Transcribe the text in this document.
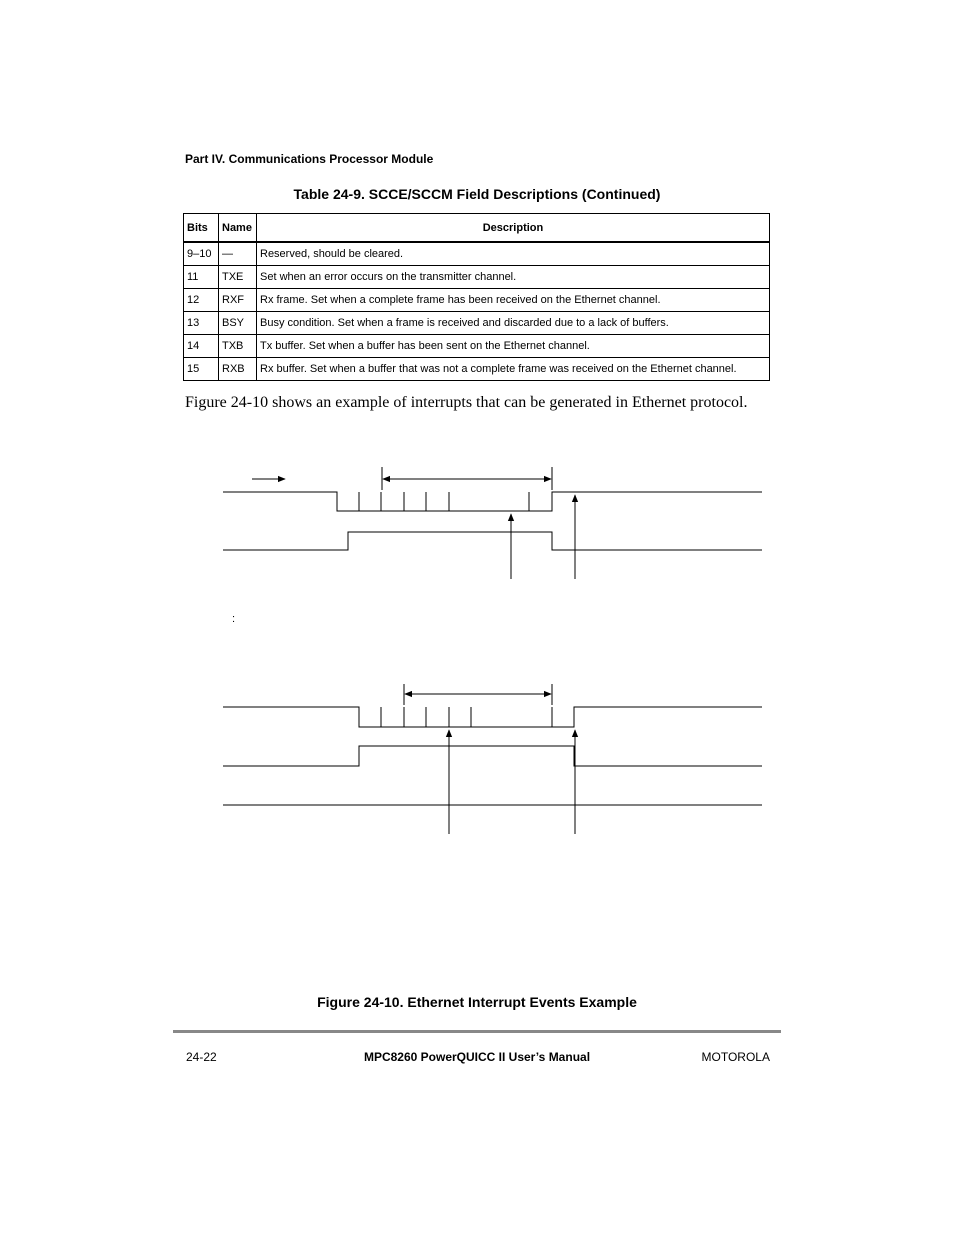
Part IV. Communications Processor Module
Table 24-9. SCCE/SCCM Field Descriptions (Continued)
Bits	Name	Description
9–10	—	Reserved, should be cleared.
11	TXE	Set when an error occurs on the transmitter channel.
12	RXF	Rx frame. Set when a complete frame has been received on the Ethernet channel.
13	BSY	Busy condition. Set when a frame is received and discarded due to a lack of buffers.
14	TXB	Tx buffer. Set when a buffer has been sent on the Ethernet channel.
15	RXB	Rx buffer. Set when a buffer that was not a complete frame was received on the Ethernet channel.
Figure 24-10 shows an example of interrupts that can be generated in Ethernet protocol.
:
Figure 24-10. Ethernet Interrupt Events Example
24-22	MPC8260 PowerQUICC II User’s Manual	MOTOROLA
